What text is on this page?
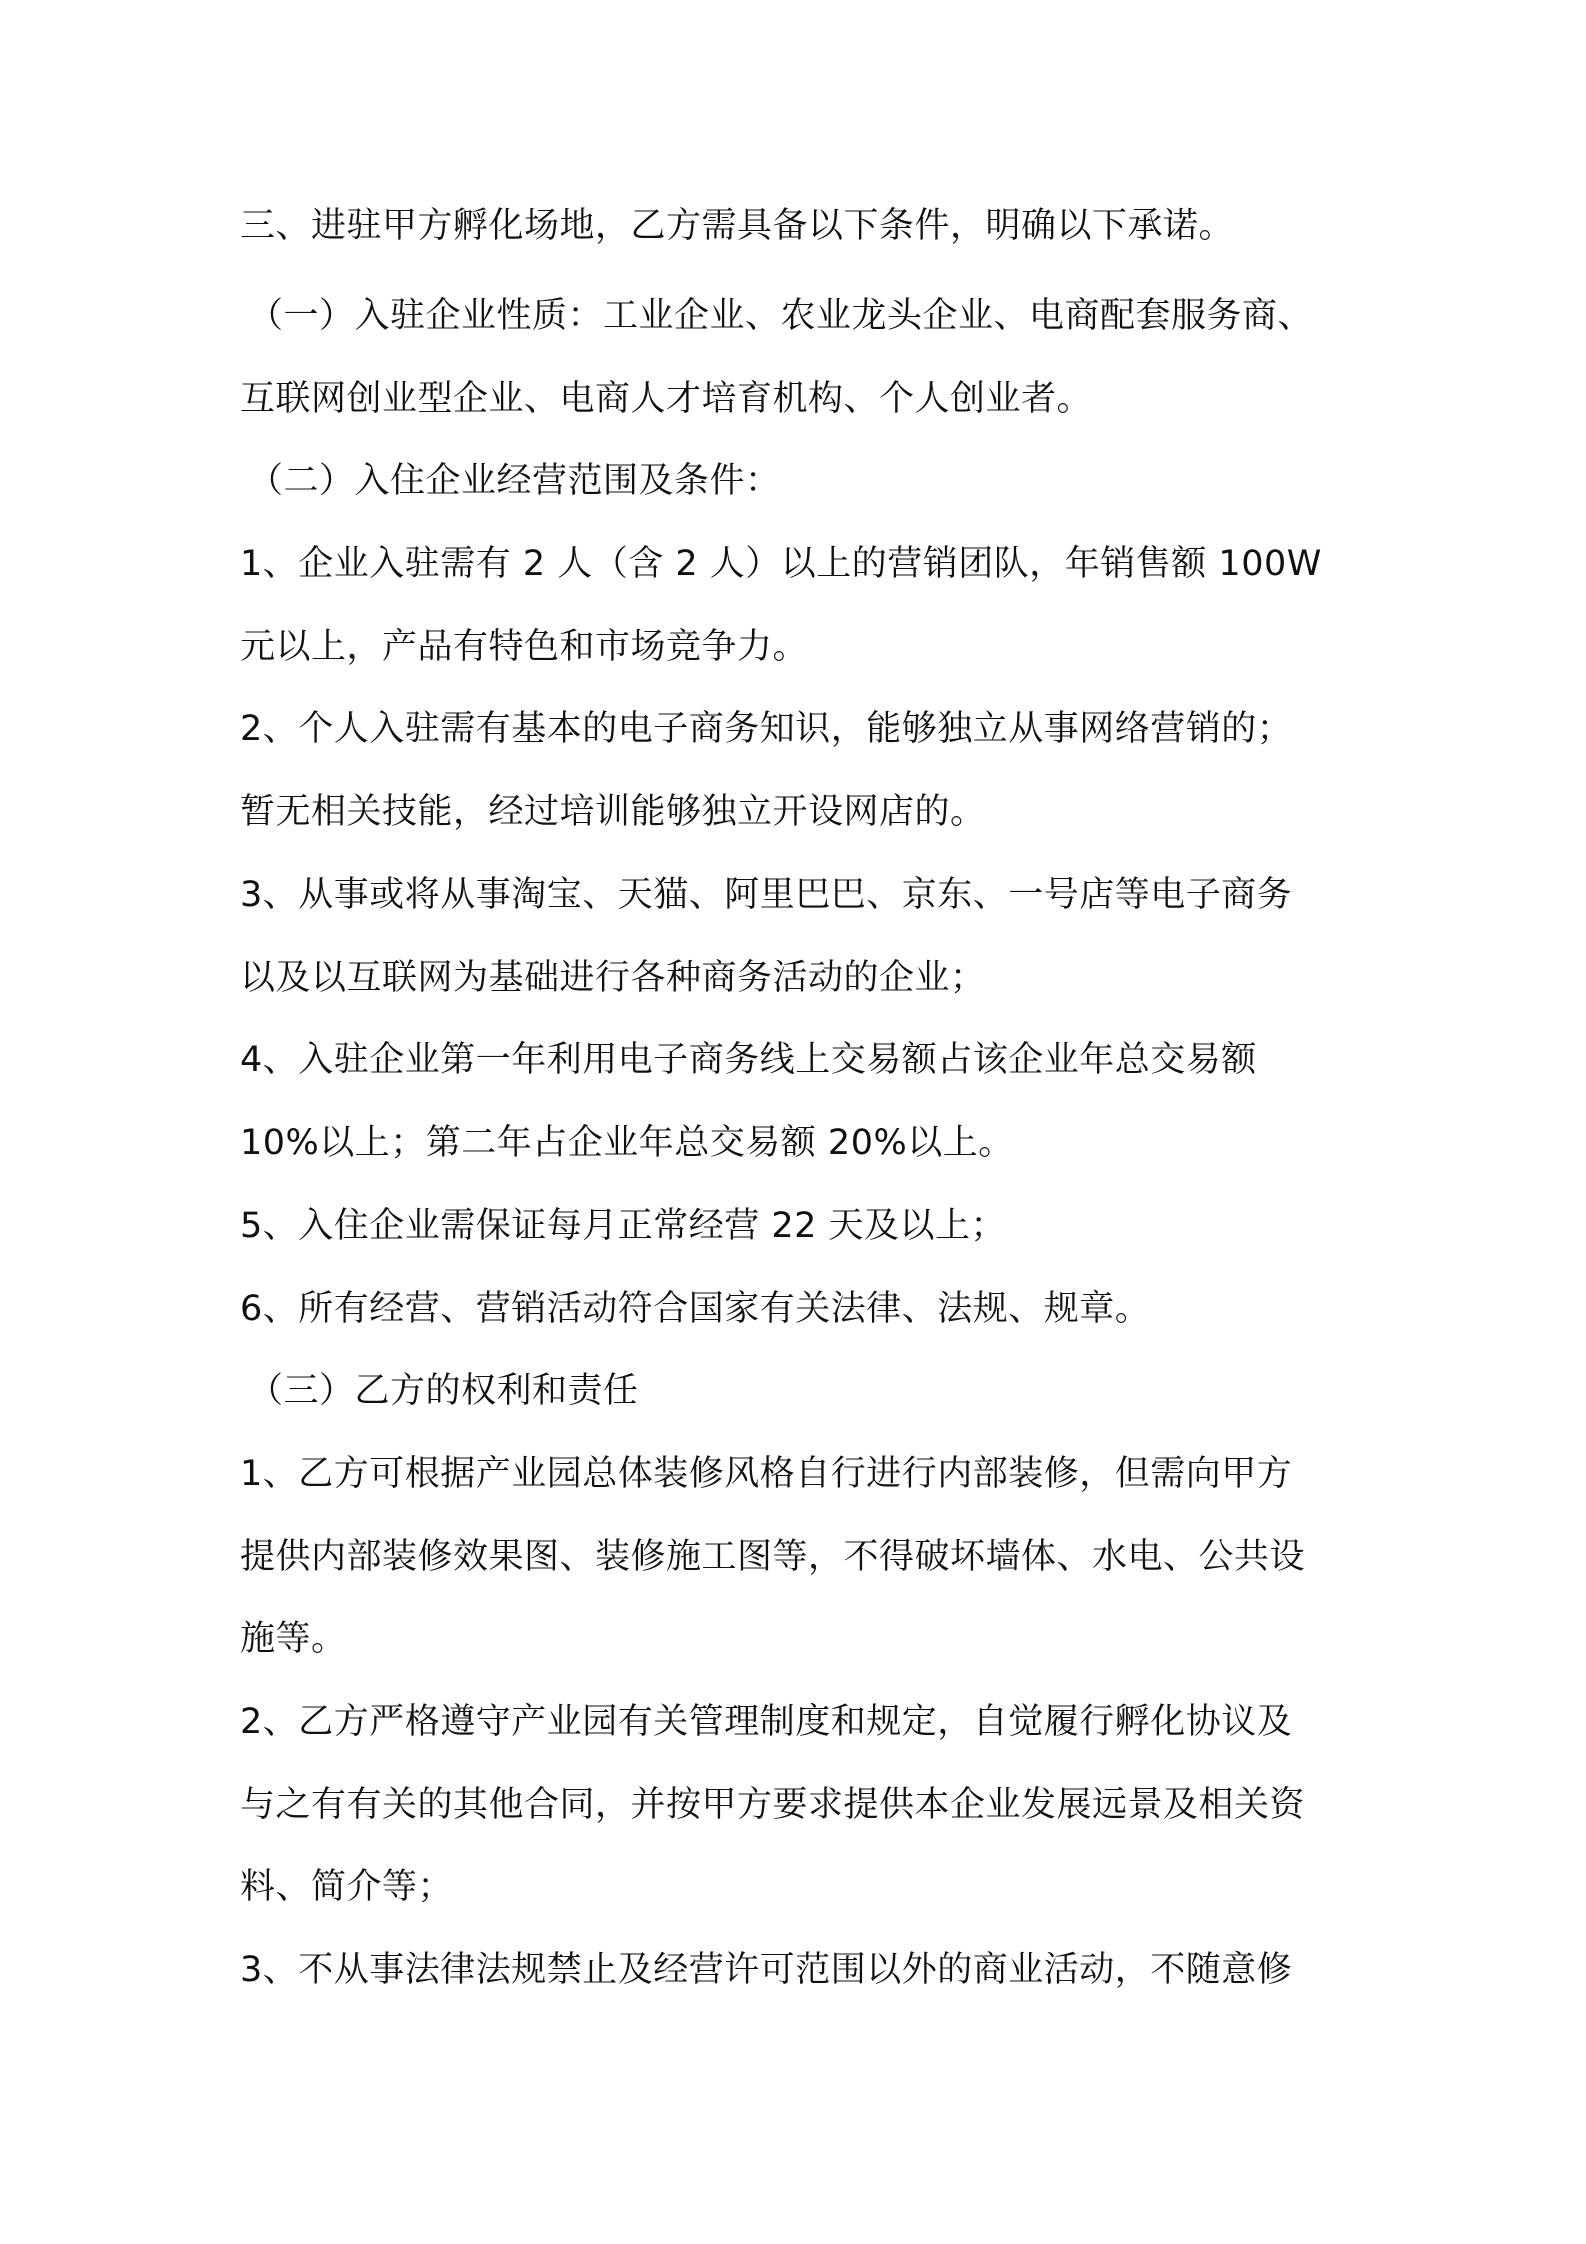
三、进驻甲方孵化场地，乙方需具备以下条件，明确以下承诺。
（一）入驻企业性质：工业企业、农业龙头企业、电商配套服务商、
互联网创业型企业、电商人才培育机构、个人创业者。
（二）入住企业经营范围及条件：
1、企业入驻需有 2 人（含 2 人）以上的营销团队，年销售额 100W
元以上，产品有特色和市场竞争力。
2、个人入驻需有基本的电子商务知识，能够独立从事网络营销的；
暂无相关技能，经过培训能够独立开设网店的。
3、从事或将从事淘宝、天猫、阿里巴巴、京东、一号店等电子商务
以及以互联网为基础进行各种商务活动的企业；
4、入驻企业第一年利用电子商务线上交易额占该企业年总交易额
10%以上；第二年占企业年总交易额 20%以上。
5、入住企业需保证每月正常经营 22 天及以上；
6、所有经营、营销活动符合国家有关法律、法规、规章。
（三）乙方的权利和责任
1、乙方可根据产业园总体装修风格自行进行内部装修，但需向甲方
提供内部装修效果图、装修施工图等，不得破坏墙体、水电、公共设
施等。
2、乙方严格遵守产业园有关管理制度和规定，自觉履行孵化协议及
与之有有关的其他合同，并按甲方要求提供本企业发展远景及相关资
料、简介等；
3、不从事法律法规禁止及经营许可范围以外的商业活动，不随意修
